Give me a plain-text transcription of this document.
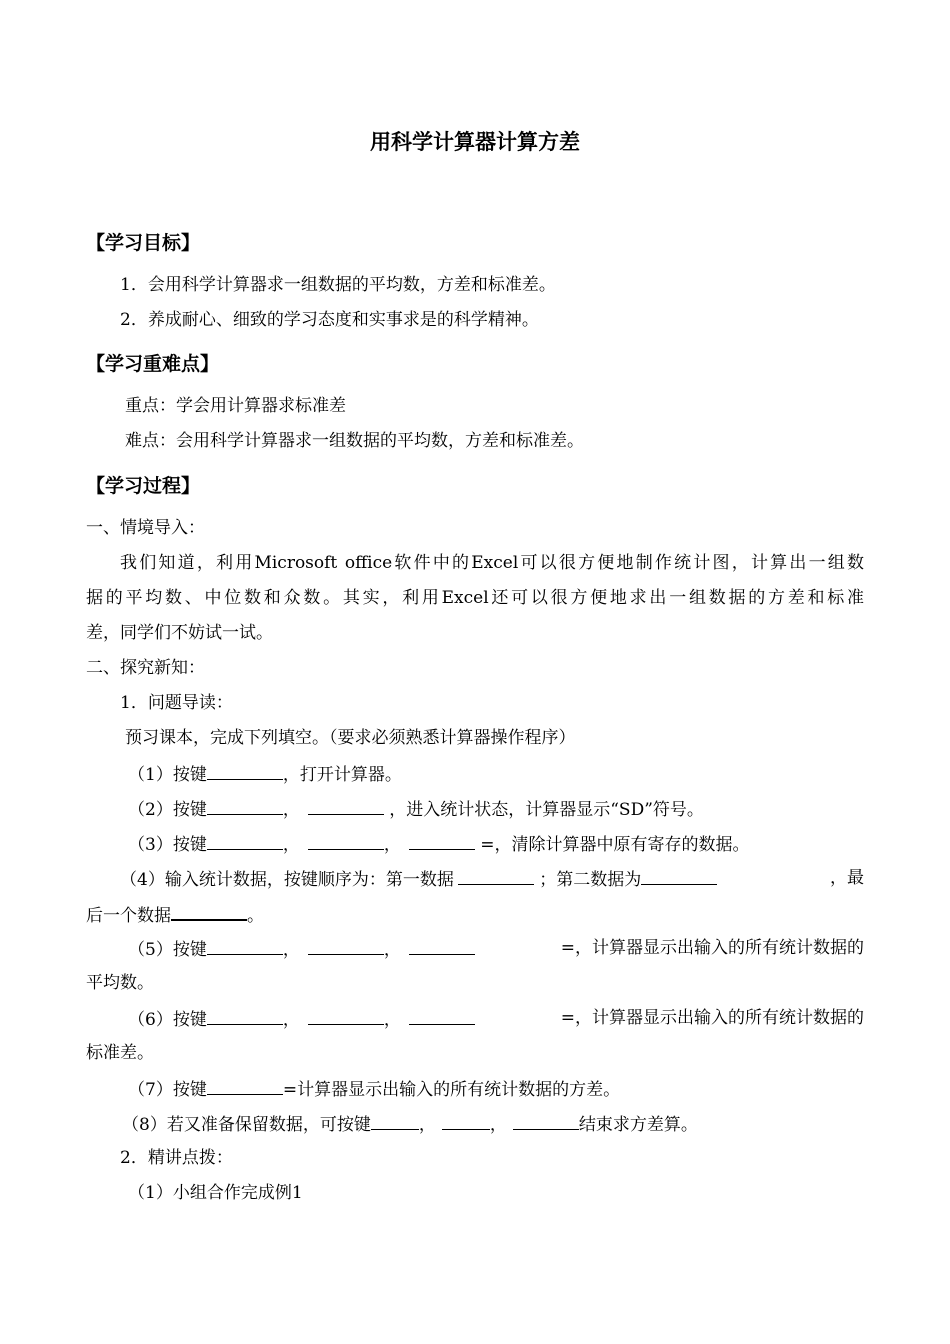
用科学计算器计算方差
【学习目标】
1．会用科学计算器求一组数据的平均数，方差和标准差。
2．养成耐心、细致的学习态度和实事求是的科学精神。
【学习重难点】
重点：学会用计算器求标准差
难点：会用科学计算器求一组数据的平均数，方差和标准差。
【学习过程】
一、情境导入：
我们知道，利用Microsoft office软件中的Excel可以很方便地制作统计图，计算出一组数
据的平均数、中位数和众数。其实，利用Excel还可以很方便地求出一组数据的方差和标准
差，同学们不妨试一试。
二、探究新知：
1．问题导读：
预习课本，完成下列填空。（要求必须熟悉计算器操作程序）
（1）按键	，打开计算器。
（2）按键	，	，进入统计状态，计算器显示“SD”符号。
（3）按键	，	，	=，清除计算器中原有寄存的数据。
（4）输入统计数据，按键顺序为：第一数据	；第二数据为	，最
后一个数据	。
（5）按键	，	，	=，计算器显示出输入的所有统计数据的
平均数。
（6）按键	，	，	=，计算器显示出输入的所有统计数据的
标准差。
（7）按键	=计算器显示出输入的所有统计数据的方差。
（8）若又准备保留数据，可按键	，	，	结束求方差算。
2．精讲点拨：
（1）小组合作完成例1
